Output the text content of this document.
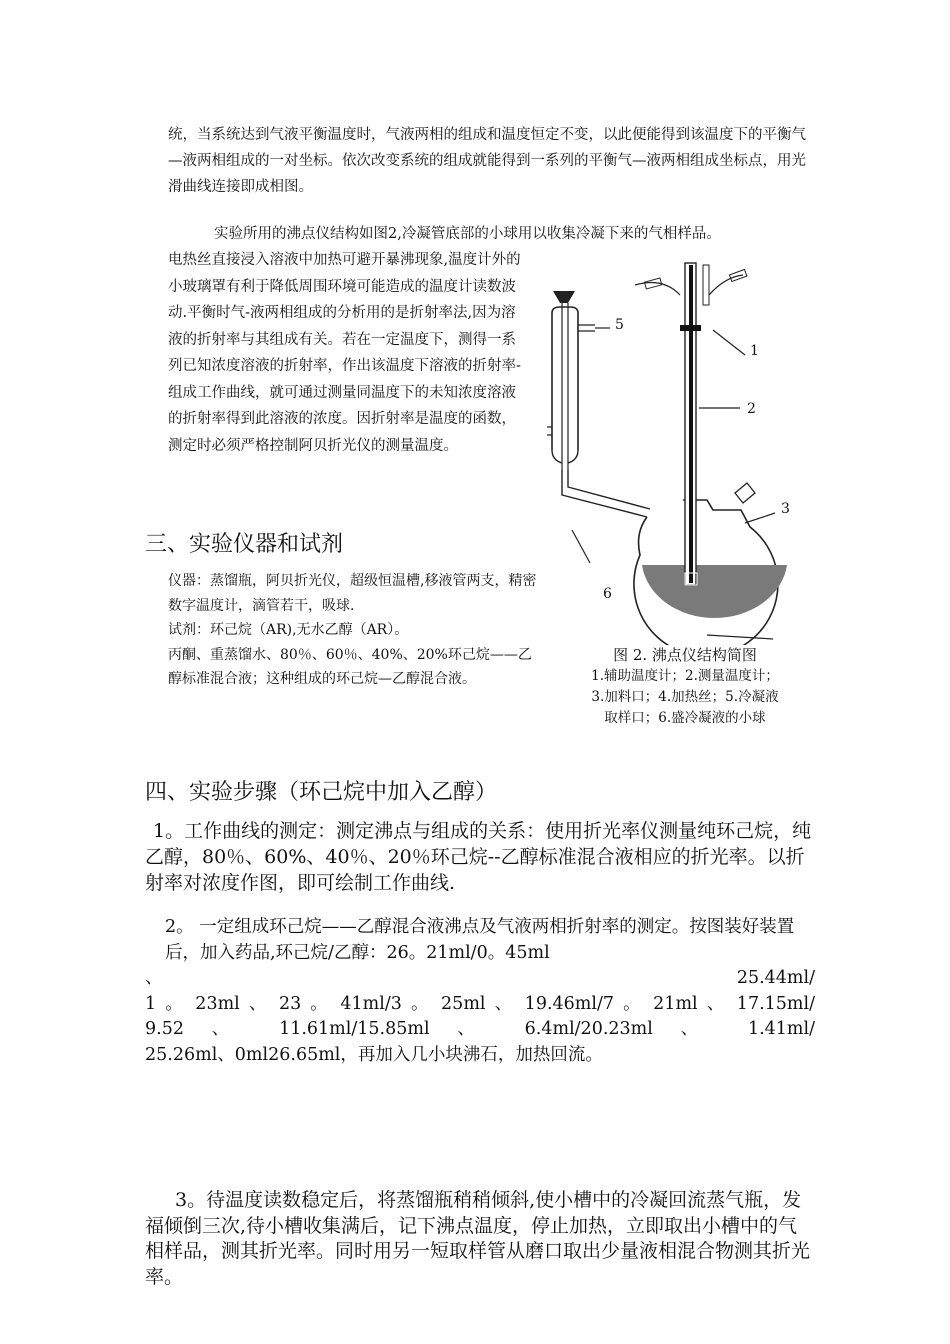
统，当系统达到气液平衡温度时，气液两相的组成和温度恒定不变，以此便能得到该温度下的平衡气—液两相组成的一对坐标。依次改变系统的组成就能得到一系列的平衡气—液两相组成坐标点，用光滑曲线连接即成相图。
实验所用的沸点仪结构如图2,冷凝管底部的小球用以收集冷凝下来的气相样品。
电热丝直接浸入溶液中加热可避开暴沸现象,温度计外的小玻璃罩有利于降低周围环境可能造成的温度计读数波动.平衡时气-液两相组成的分析用的是折射率法,因为溶液的折射率与其组成有关。若在一定温度下，测得一系列已知浓度溶液的折射率，作出该温度下溶液的折射率-组成工作曲线，就可通过测量同温度下的未知浓度溶液的折射率得到此溶液的浓度。因折射率是温度的函数，测定时必须严格控制阿贝折光仪的测量温度。
三、实验仪器和试剂
仪器：蒸馏瓶，阿贝折光仪，超级恒温槽,移液管两支，精密数字温度计，滴管若干，吸球.
试剂：环己烷（AR),无水乙醇（AR）。
丙酮、重蒸馏水、80％、60％、40%、20%环己烷——乙醇标准混合液；这种组成的环己烷—乙醇混合液。
1
2
3
5
6
图 2. 沸点仪结构简图
1.辅助温度计；2.测量温度计；
3.加料口；4.加热丝；5.冷凝液
取样口；6.盛冷凝液的小球
四、实验步骤（环己烷中加入乙醇）
1。工作曲线的测定：测定沸点与组成的关系：使用折光率仪测量纯环己烷，纯乙醇，80％、60%、40％、20％环己烷--乙醇标准混合液相应的折光率。以折射率对浓度作图，即可绘制工作曲线.
2。 一定组成环己烷——乙醇混合液沸点及气液两相折射率的测定。按图装好装置后，加入药品,环己烷/乙醇：26。21ml/0。45ml
、	25.44ml/
1 。 23ml 、 23 。 41ml/3 。 25ml 、 19.46ml/7 。 21ml 、 17.15ml/
9.52 、 11.61ml/15.85ml 、 6.4ml/20.23ml 、 1.41ml/
25.26ml、0ml26.65ml，再加入几小块沸石，加热回流。
3。待温度读数稳定后，将蒸馏瓶稍稍倾斜,使小槽中的冷凝回流蒸气瓶，发福倾倒三次,待小槽收集满后，记下沸点温度，停止加热，立即取出小槽中的气相样品，测其折光率。同时用另一短取样管从磨口取出少量液相混合物测其折光率。
